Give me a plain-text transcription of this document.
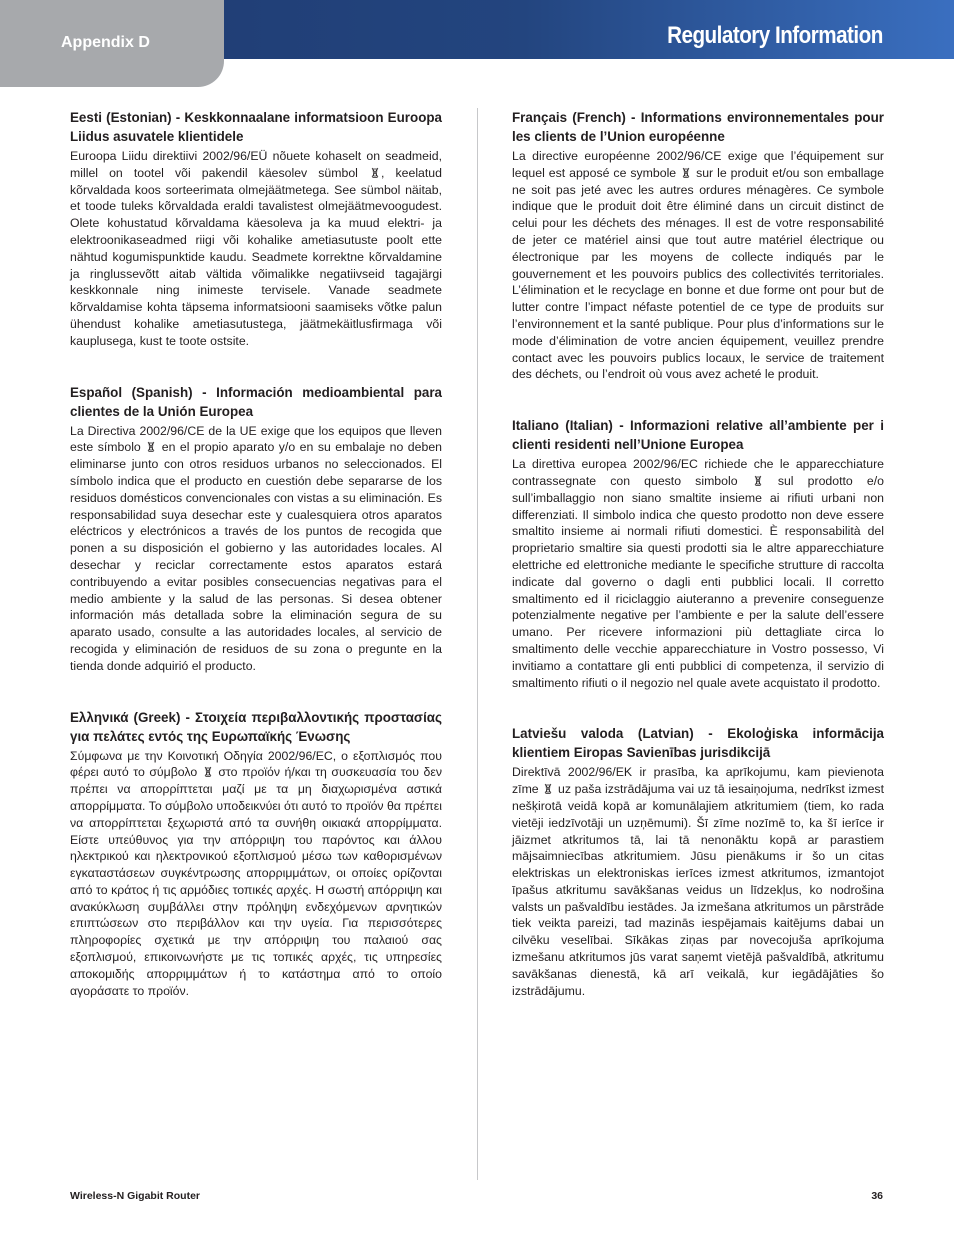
Appendix D	Regulatory Information

Eesti (Estonian) - Keskkonnaalane informatsioon Euroopa Liidus asuvatele klientidele

Euroopa Liidu direktiivi 2002/96/EÜ nõuete kohaselt on seadmeid, millel on tootel või pakendil käesolev sümbol , keelatud kõrvaldada koos sorteerimata olmejäätmetega. See sümbol näitab, et toode tuleks kõrvaldada eraldi tavalistest olmejäätmevoogudest. Olete kohustatud kõrvaldama käesoleva ja ka muud elektri- ja elektroonikaseadmed riigi või kohalike ametiasutuste poolt ette nähtud kogumispunktide kaudu. Seadmete korrektne kõrvaldamine ja ringlussevõtt aitab vältida võimalikke negatiivseid tagajärgi keskkonnale ning inimeste tervisele. Vanade seadmete kõrvaldamise kohta täpsema informatsiooni saamiseks võtke palun ühendust kohalike ametiasutustega, jäätmekäitlusfirmaga või kauplusega, kust te toote ostsite.

Español (Spanish) - Información medioambiental para clientes de la Unión Europea

La Directiva 2002/96/CE de la UE exige que los equipos que lleven este símbolo en el propio aparato y/o en su embalaje no deben eliminarse junto con otros residuos urbanos no seleccionados. El símbolo indica que el producto en cuestión debe separarse de los residuos domésticos convencionales con vistas a su eliminación. Es responsabilidad suya desechar este y cualesquiera otros aparatos eléctricos y electrónicos a través de los puntos de recogida que ponen a su disposición el gobierno y las autoridades locales. Al desechar y reciclar correctamente estos aparatos estará contribuyendo a evitar posibles consecuencias negativas para el medio ambiente y la salud de las personas. Si desea obtener información más detallada sobre la eliminación segura de su aparato usado, consulte a las autoridades locales, al servicio de recogida y eliminación de residuos de su zona o pregunte en la tienda donde adquirió el producto.

Ελληνικά (Greek) - Στοιχεία περιβαλλοντικής προστασίας για πελάτες εντός της Ευρωπαϊκής Ένωσης

Σύμφωνα με την Κοινοτική Οδηγία 2002/96/EC, ο εξοπλισμός που φέρει αυτό το σύμβολο στο προϊόν ή/και τη συσκευασία του δεν πρέπει να απορρίπτεται μαζί με τα μη διαχωρισμένα αστικά απορρίμματα. Το σύμβολο υποδεικνύει ότι αυτό το προϊόν θα πρέπει να απορρίπτεται ξεχωριστά από τα συνήθη οικιακά απορρίμματα. Είστε υπεύθυνος για την απόρριψη του παρόντος και άλλου ηλεκτρικού και ηλεκτρονικού εξοπλισμού μέσω των καθορισμένων εγκαταστάσεων συγκέντρωσης απορριμμάτων, οι οποίες ορίζονται από το κράτος ή τις αρμόδιες τοπικές αρχές. Η σωστή απόρριψη και ανακύκλωση συμβάλλει στην πρόληψη ενδεχόμενων αρνητικών επιπτώσεων στο περιβάλλον και την υγεία. Για περισσότερες πληροφορίες σχετικά με την απόρριψη του παλαιού σας εξοπλισμού, επικοινωνήστε με τις τοπικές αρχές, τις υπηρεσίες αποκομιδής απορριμμάτων ή το κατάστημα από το οποίο αγοράσατε το προϊόν.

Français (French) - Informations environnementales pour les clients de l’Union européenne

La directive européenne 2002/96/CE exige que l’équipement sur lequel est apposé ce symbole sur le produit et/ou son emballage ne soit pas jeté avec les autres ordures ménagères. Ce symbole indique que le produit doit être éliminé dans un circuit distinct de celui pour les déchets des ménages. Il est de votre responsabilité de jeter ce matériel ainsi que tout autre matériel électrique ou électronique par les moyens de collecte indiqués par le gouvernement et les pouvoirs publics des collectivités territoriales. L’élimination et le recyclage en bonne et due forme ont pour but de lutter contre l’impact néfaste potentiel de ce type de produits sur l’environnement et la santé publique. Pour plus d’informations sur le mode d’élimination de votre ancien équipement, veuillez prendre contact avec les pouvoirs publics locaux, le service de traitement des déchets, ou l’endroit où vous avez acheté le produit.

Italiano (Italian) - Informazioni relative all’ambiente per i clienti residenti nell’Unione Europea

La direttiva europea 2002/96/EC richiede che le apparecchiature contrassegnate con questo simbolo	sul prodotto e/o sull’imballaggio non siano smaltite insieme ai rifiuti urbani non differenziati. Il simbolo indica che questo prodotto non deve essere smaltito insieme ai normali rifiuti domestici. È responsabilità del proprietario smaltire sia questi prodotti sia le altre apparecchiature elettriche ed elettroniche mediante le specifiche strutture di raccolta indicate dal governo o dagli enti pubblici locali. Il corretto smaltimento ed il riciclaggio aiuteranno a prevenire conseguenze potenzialmente negative per l’ambiente e per la salute dell’essere umano. Per ricevere informazioni più dettagliate circa lo smaltimento delle vecchie apparecchiature in Vostro possesso, Vi invitiamo a contattare gli enti pubblici di competenza, il servizio di smaltimento rifiuti o il negozio nel quale avete acquistato il prodotto.

Latviešu valoda (Latvian) - Ekoloģiska informācija klientiem Eiropas Savienības jurisdikcijā

Direktīvā 2002/96/EK ir prasība, ka aprīkojumu, kam pievienota zīme uz paša izstrādājuma vai uz tā iesaiņojuma, nedrīkst izmest nešķirotā veidā kopā ar komunālajiem atkritumiem (tiem, ko rada vietēji iedzīvotāji un uzņēmumi). Šī zīme nozīmē to, ka šī ierīce ir jāizmet atkritumos tā, lai tā nenonāktu kopā ar parastiem mājsaimniecības atkritumiem. Jūsu pienākums ir šo un citas elektriskas un elektroniskas ierīces izmest atkritumos, izmantojot īpašus atkritumu savākšanas veidus un līdzekļus, ko nodrošina valsts un pašvaldību iestādes. Ja izmešana atkritumos un pārstrāde tiek veikta pareizi, tad mazinās iespējamais kaitējums dabai un cilvēku veselībai. Sīkākas ziņas par novecojuša aprīkojuma izmešanu atkritumos jūs varat saņemt vietējā pašvaldībā, atkritumu savākšanas dienestā, kā arī veikalā, kur iegādājāties šo izstrādājumu.

Wireless-N Gigabit Router	36
